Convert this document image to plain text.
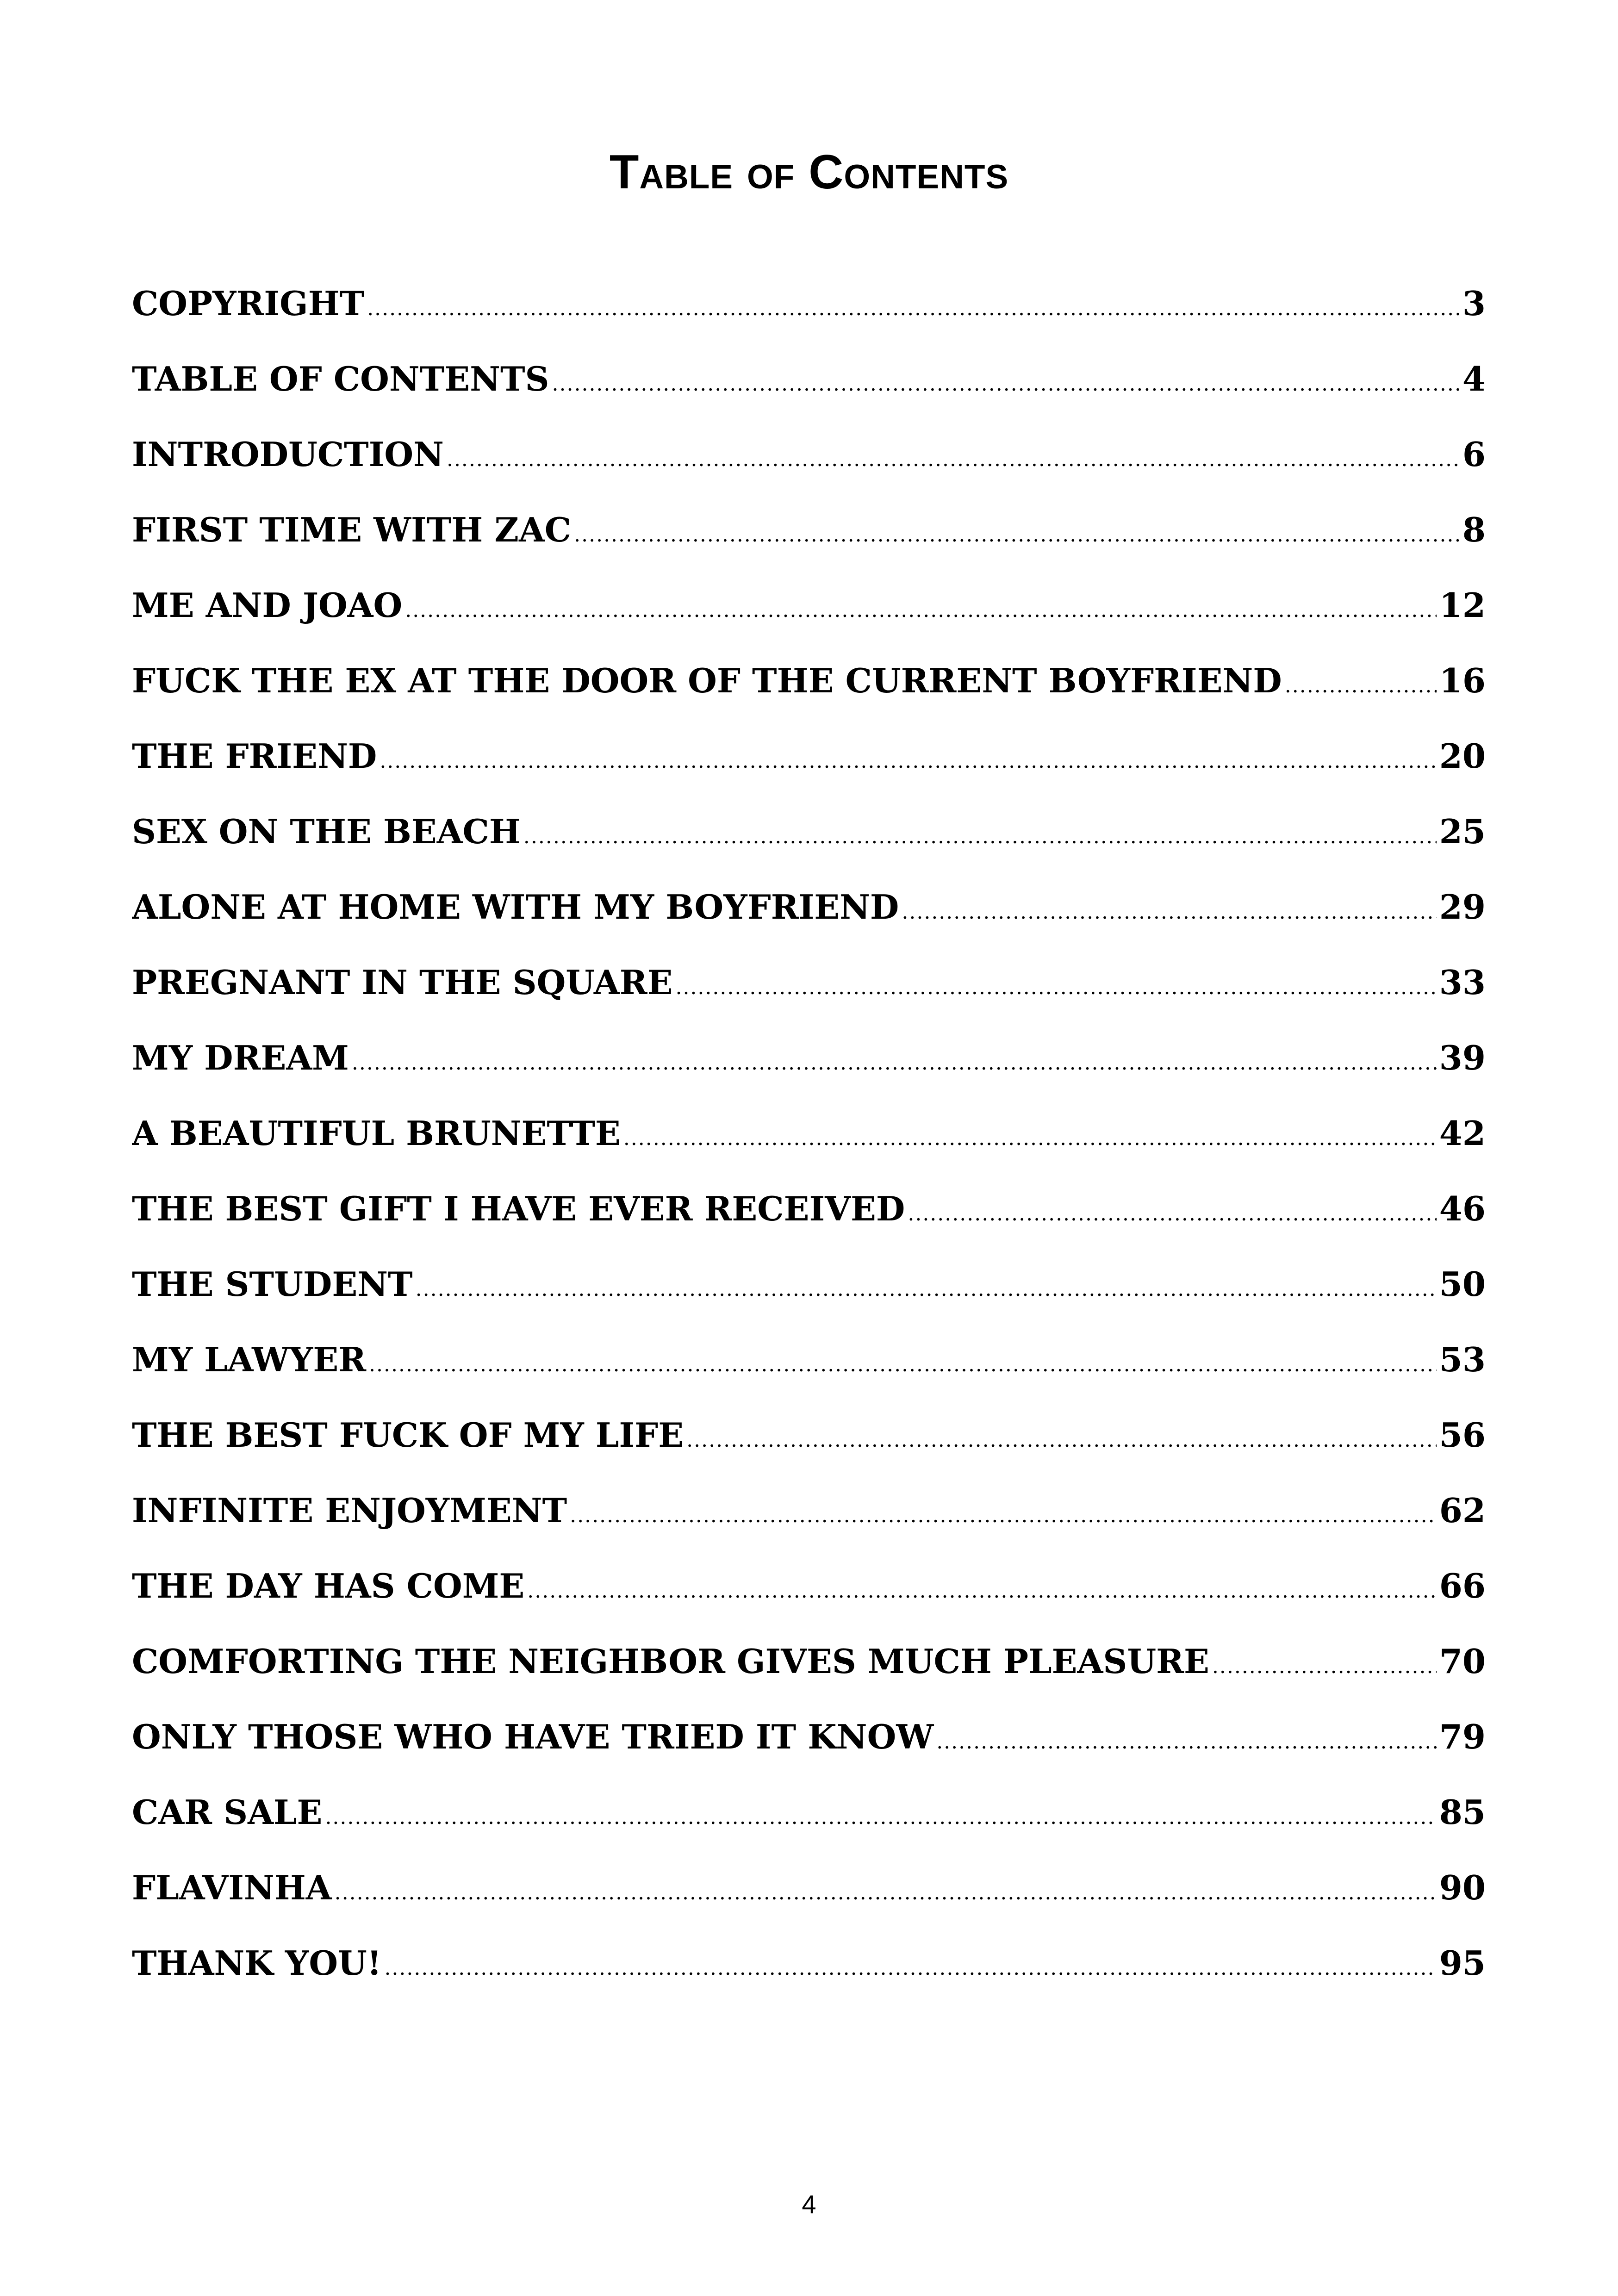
Table of Contents
COPYRIGHT .....	3
TABLE OF CONTENTS .....	4
INTRODUCTION .....	6
FIRST TIME WITH ZAC .....	8
ME AND JOAO .....	12
FUCK THE EX AT THE DOOR OF THE CURRENT BOYFRIEND .....	16
THE FRIEND .....	20
SEX ON THE BEACH .....	25
ALONE AT HOME WITH MY BOYFRIEND .....	29
PREGNANT IN THE SQUARE .....	33
MY DREAM .....	39
A BEAUTIFUL BRUNETTE .....	42
THE BEST GIFT I HAVE EVER RECEIVED .....	46
THE STUDENT .....	50
MY LAWYER .....	53
THE BEST FUCK OF MY LIFE .....	56
INFINITE ENJOYMENT .....	62
THE DAY HAS COME .....	66
COMFORTING THE NEIGHBOR GIVES MUCH PLEASURE .....	70
ONLY THOSE WHO HAVE TRIED IT KNOW .....	79
CAR SALE .....	85
FLAVINHA .....	90
THANK YOU! .....	95
4
